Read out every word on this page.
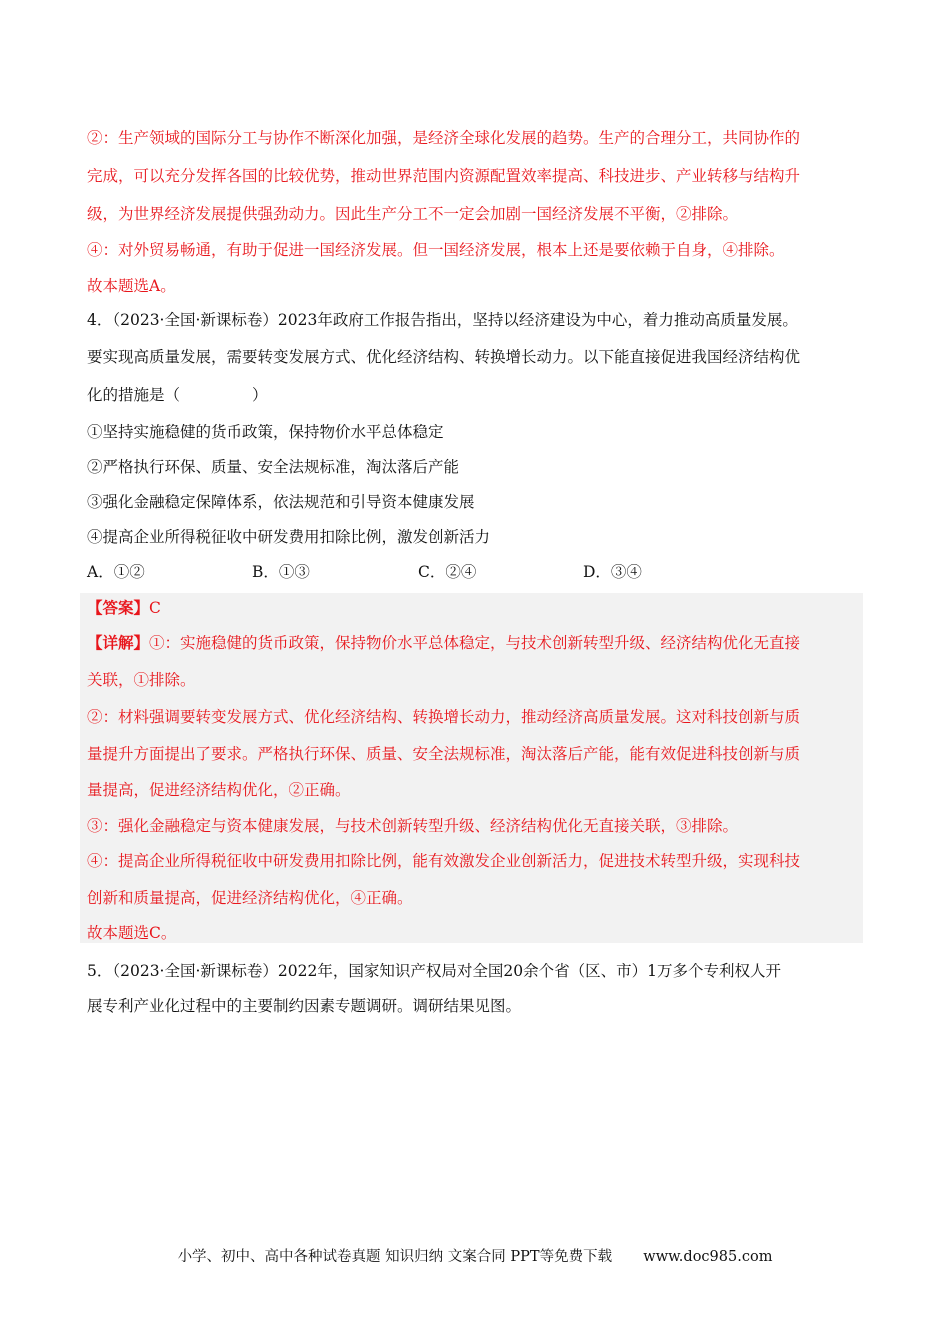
②：生产领域的国际分工与协作不断深化加强，是经济全球化发展的趋势。生产的合理分工，共同协作的
完成，可以充分发挥各国的比较优势，推动世界范围内资源配置效率提高、科技进步、产业转移与结构升
级，为世界经济发展提供强劲动力。因此生产分工不一定会加剧一国经济发展不平衡，②排除。
④：对外贸易畅通，有助于促进一国经济发展。但一国经济发展，根本上还是要依赖于自身，④排除。
故本题选A。
4．（2023·全国·新课标卷）2023年政府工作报告指出，坚持以经济建设为中心，着力推动高质量发展。
要实现高质量发展，需要转变发展方式、优化经济结构、转换增长动力。以下能直接促进我国经济结构优
化的措施是（	）
①坚持实施稳健的货币政策，保持物价水平总体稳定
②严格执行环保、质量、安全法规标准，淘汰落后产能
③强化金融稳定保障体系，依法规范和引导资本健康发展
④提高企业所得税征收中研发费用扣除比例，激发创新活力
A．①②	B．①③	C．②④	D．③④
【答案】C
【详解】①：实施稳健的货币政策，保持物价水平总体稳定，与技术创新转型升级、经济结构优化无直接
关联，①排除。
②：材料强调要转变发展方式、优化经济结构、转换增长动力，推动经济高质量发展。这对科技创新与质
量提升方面提出了要求。严格执行环保、质量、安全法规标准，淘汰落后产能，能有效促进科技创新与质
量提高，促进经济结构优化，②正确。
③：强化金融稳定与资本健康发展，与技术创新转型升级、经济结构优化无直接关联，③排除。
④：提高企业所得税征收中研发费用扣除比例，能有效激发企业创新活力，促进技术转型升级，实现科技
创新和质量提高，促进经济结构优化，④正确。
故本题选C。
5．（2023·全国·新课标卷）2022年，国家知识产权局对全国20余个省（区、市）1万多个专利权人开
展专利产业化过程中的主要制约因素专题调研。调研结果见图。
小学、初中、高中各种试卷真题 知识归纳 文案合同 PPT等免费下载 www.doc985.com
